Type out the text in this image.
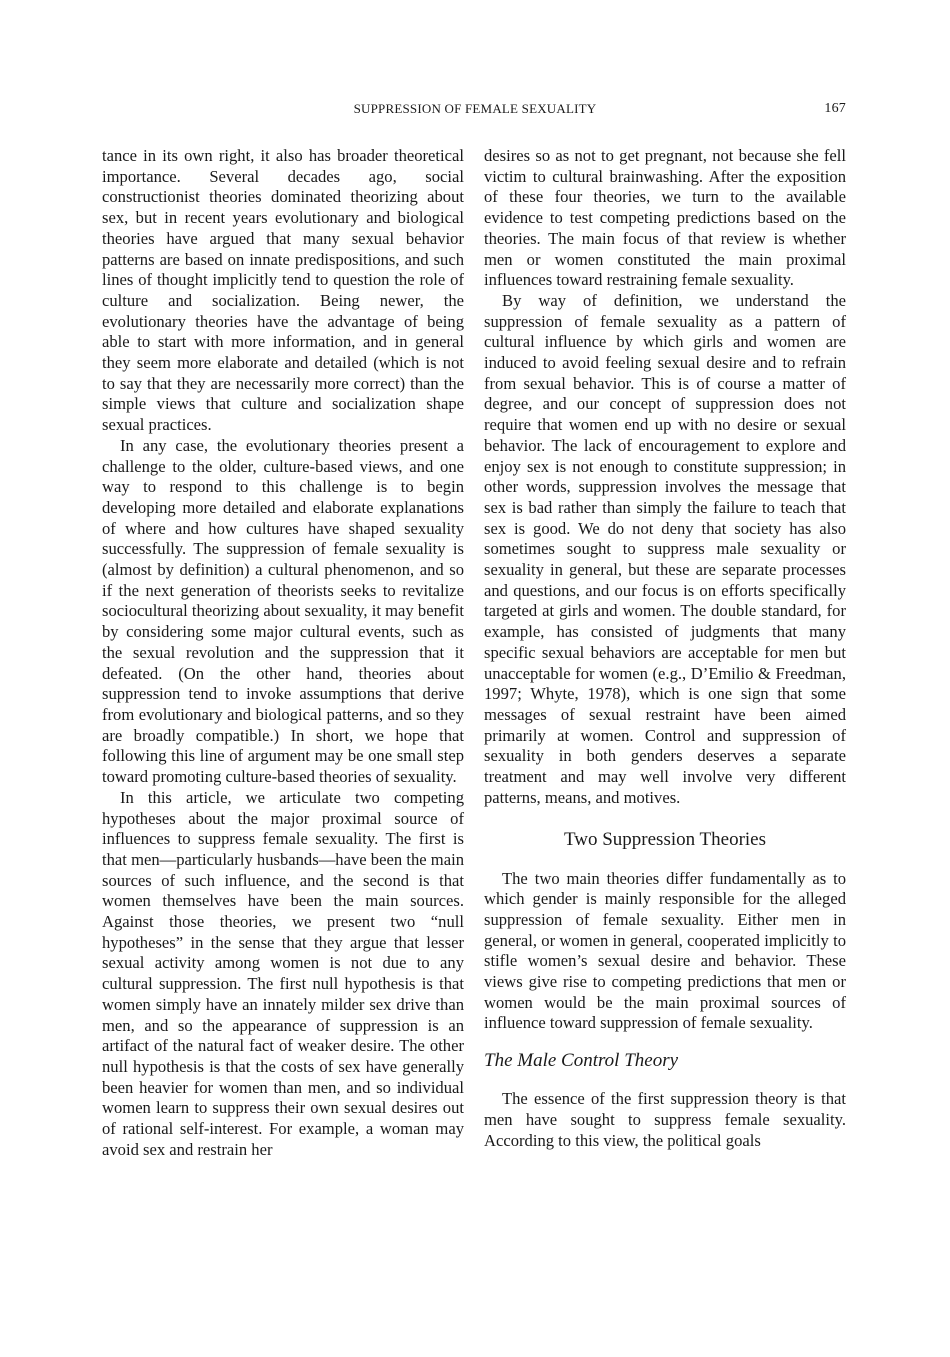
SUPPRESSION OF FEMALE SEXUALITY	167

tance in its own right, it also has broader theoretical importance. Several decades ago, social constructionist theories dominated theorizing about sex, but in recent years evolutionary and biological theories have argued that many sexual behavior patterns are based on innate predispositions, and such lines of thought implicitly tend to question the role of culture and socialization. Being newer, the evolutionary theories have the advantage of being able to start with more information, and in general they seem more elaborate and detailed (which is not to say that they are necessarily more correct) than the simple views that culture and socialization shape sexual practices.

In any case, the evolutionary theories present a challenge to the older, culture-based views, and one way to respond to this challenge is to begin developing more detailed and elaborate explanations of where and how cultures have shaped sexuality successfully. The suppression of female sexuality is (almost by definition) a cultural phenomenon, and so if the next generation of theorists seeks to revitalize sociocultural theorizing about sexuality, it may benefit by considering some major cultural events, such as the sexual revolution and the suppression that it defeated. (On the other hand, theories about suppression tend to invoke assumptions that derive from evolutionary and biological patterns, and so they are broadly compatible.) In short, we hope that following this line of argument may be one small step toward promoting culture-based theories of sexuality.

In this article, we articulate two competing hypotheses about the major proximal source of influences to suppress female sexuality. The first is that men—particularly husbands—have been the main sources of such influence, and the second is that women themselves have been the main sources. Against those theories, we present two “null hypotheses” in the sense that they argue that lesser sexual activity among women is not due to any cultural suppression. The first null hypothesis is that women simply have an innately milder sex drive than men, and so the appearance of suppression is an artifact of the natural fact of weaker desire. The other null hypothesis is that the costs of sex have generally been heavier for women than men, and so individual women learn to suppress their own sexual desires out of rational self-interest. For example, a woman may avoid sex and restrain her

desires so as not to get pregnant, not because she fell victim to cultural brainwashing. After the exposition of these four theories, we turn to the available evidence to test competing predictions based on the theories. The main focus of that review is whether men or women constituted the main proximal influences toward restraining female sexuality.

By way of definition, we understand the suppression of female sexuality as a pattern of cultural influence by which girls and women are induced to avoid feeling sexual desire and to refrain from sexual behavior. This is of course a matter of degree, and our concept of suppression does not require that women end up with no desire or sexual behavior. The lack of encouragement to explore and enjoy sex is not enough to constitute suppression; in other words, suppression involves the message that sex is bad rather than simply the failure to teach that sex is good. We do not deny that society has also sometimes sought to suppress male sexuality or sexuality in general, but these are separate processes and questions, and our focus is on efforts specifically targeted at girls and women. The double standard, for example, has consisted of judgments that many specific sexual behaviors are acceptable for men but unacceptable for women (e.g., D’Emilio & Freedman, 1997; Whyte, 1978), which is one sign that some messages of sexual restraint have been aimed primarily at women. Control and suppression of sexuality in both genders deserves a separate treatment and may well involve very different patterns, means, and motives.

Two Suppression Theories

The two main theories differ fundamentally as to which gender is mainly responsible for the alleged suppression of female sexuality. Either men in general, or women in general, cooperated implicitly to stifle women’s sexual desire and behavior. These views give rise to competing predictions that men or women would be the main proximal sources of influence toward suppression of female sexuality.

The Male Control Theory

The essence of the first suppression theory is that men have sought to suppress female sexuality. According to this view, the political goals
